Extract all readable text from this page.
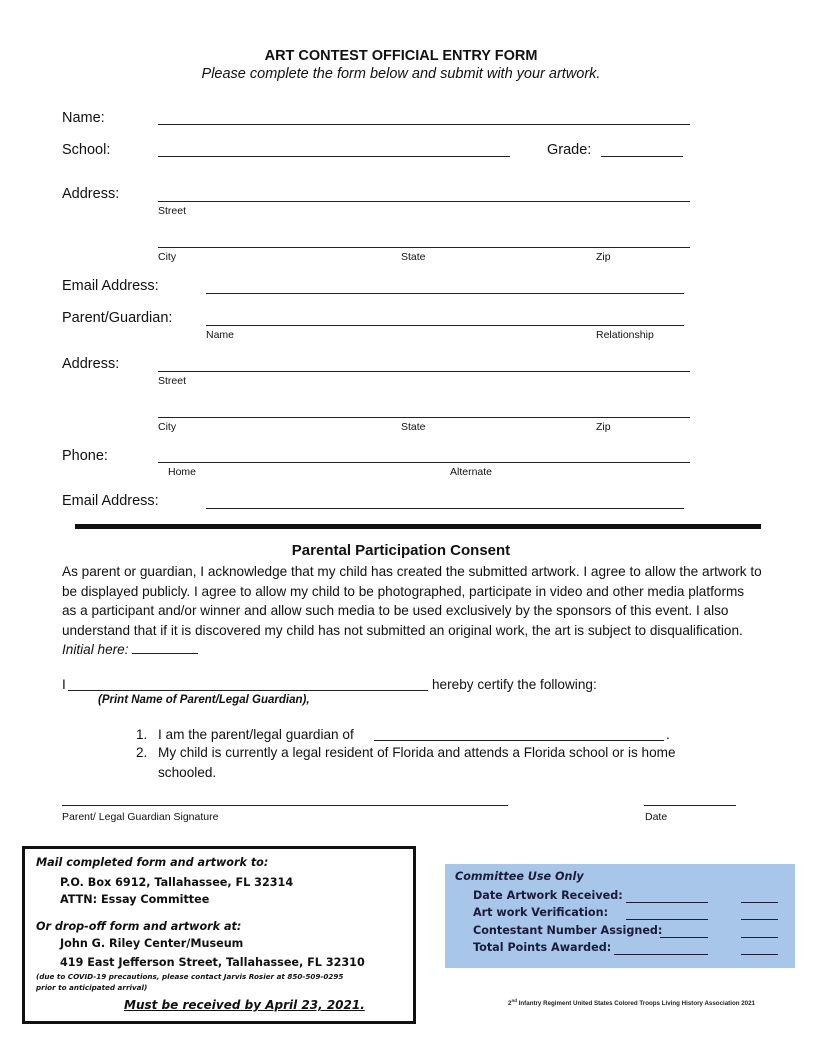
ART CONTEST OFFICIAL ENTRY FORM
Please complete the form below and submit with your artwork.
Name:
School:	Grade:
Address:
Street
City	State	Zip
Email Address:
Parent/Guardian:
Name	Relationship
Address:
Street
City	State	Zip
Phone:
Home	Alternate
Email Address:
Parental Participation Consent
As parent or guardian, I acknowledge that my child has created the submitted artwork. I agree to allow the artwork to be displayed publicly. I agree to allow my child to be photographed, participate in video and other media platforms as a participant and/or winner and allow such media to be used exclusively by the sponsors of this event. I also understand that if it is discovered my child has not submitted an original work, the art is subject to disqualification.  Initial here:
I	hereby certify the following:
(Print Name of Parent/Legal Guardian),
1. I am the parent/legal guardian of	.
2. My child is currently a legal resident of Florida and attends a Florida school or is home
schooled.
Parent/ Legal Guardian Signature	Date
Mail completed form and artwork to:
P.O. Box 6912, Tallahassee, FL 32314
ATTN: Essay Committee
Or drop-off form and artwork at:
John G. Riley Center/Museum
419 East Jefferson Street, Tallahassee, FL 32310
(due to COVID-19 precautions, please contact Jarvis Rosier at 850-509-0295
prior to anticipated arrival)
Must be received by April 23, 2021.
Committee Use Only
Date Artwork Received:
Art work Verification:
Contestant Number Assigned:
Total Points Awarded:
2nd Infantry Regiment United States Colored Troops Living History Association 2021
